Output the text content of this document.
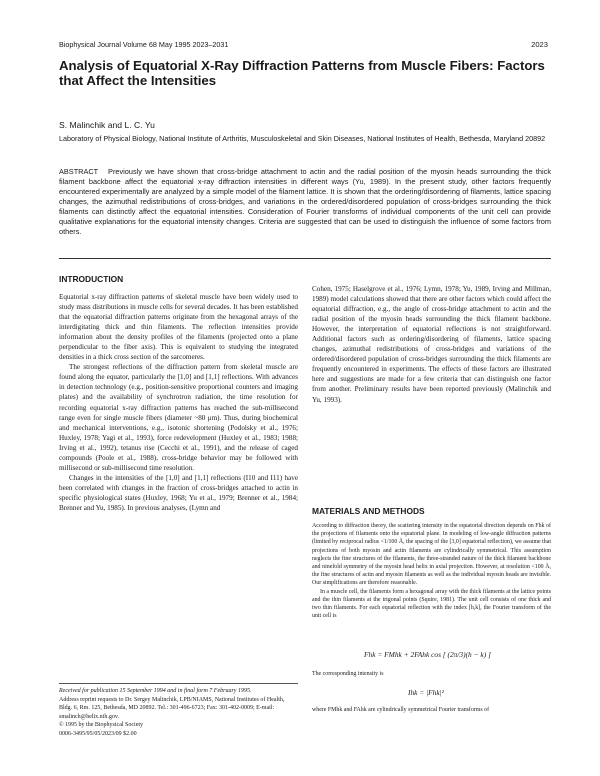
Biophysical Journal Volume 68 May 1995 2023–2031	2023
Analysis of Equatorial X-Ray Diffraction Patterns from Muscle Fibers: Factors that Affect the Intensities
S. Malinchik and L. C. Yu
Laboratory of Physical Biology, National Institute of Arthritis, Musculoskeletal and Skin Diseases, National Institutes of Health, Bethesda, Maryland 20892
ABSTRACT Previously we have shown that cross-bridge attachment to actin and the radial position of the myosin heads surrounding the thick filament backbone affect the equatorial x-ray diffraction intensities in different ways (Yu, 1989). In the present study, other factors frequently encountered experimentally are analyzed by a simple model of the filament lattice. It is shown that the ordering/disordering of filaments, lattice spacing changes, the azimuthal redistributions of cross-bridges, and variations in the ordered/disordered population of cross-bridges surrounding the thick filaments can distinctly affect the equatorial intensities. Consideration of Fourier transforms of individual components of the unit cell can provide qualitative explanations for the equatorial intensity changes. Criteria are suggested that can be used to distinguish the influence of some factors from others.
INTRODUCTION

Equatorial x-ray diffraction patterns of skeletal muscle have been widely used to study mass distributions in muscle cells for several decades. It has been established that the equatorial diffraction patterns originate from the hexagonal arrays of the interdigitating thick and thin filaments. The reflection intensities provide information about the density profiles of the filaments (projected onto a plane perpendicular to the fiber axis). This is equivalent to studying the integrated densities in a thick cross section of the sarcomeres.

The strongest reflections of the diffraction pattern from skeletal muscle are found along the equator, particularly the [1,0] and [1,1] reflections. With advances in detection technology (e.g., position-sensitive proportional counters and imaging plates) and the availability of synchrotron radiation, the time resolution for recording equatorial x-ray diffraction patterns has reached the sub-millisecond range even for single muscle fibers (diameter ~80 μm). Thus, during biochemical and mechanical interventions, e.g., isotonic shortening (Podolsky et al., 1976; Huxley, 1978; Yagi et al., 1993), force redevelopment (Huxley et al., 1983; 1988; Irving et al., 1992), tetanus rise (Cecchi et al., 1991), and the release of caged compounds (Poole et al., 1988), cross-bridge behavior may be followed with millisecond or sub-millisecond time resolution.

Changes in the intensities of the [1,0] and [1,1] reflections (I10 and I11) have been correlated with changes in the fraction of cross-bridges attached to actin in specific physiological states (Huxley, 1968; Yu et al., 1979; Brenner et al., 1984; Brenner and Yu, 1985). In previous analyses, (Lymn and

Received for publication 15 September 1994 and in final form 7 February 1995.
Address reprint requests to Dr. Sergey Malinchik, LPB/NIAMS, National Institutes of Health, Bldg. 6, Rm. 125, Bethesda, MD 20892. Tel.: 301-496-6723; Fax: 301-402-0009; E-mail: smalinch@helix.nih.gov.
© 1995 by the Biophysical Society
0006-3495/95/05/2023/09 $2.00

Cohen, 1975; Haselgrove et al., 1976; Lymn, 1978; Yu, 1989, Irving and Millman, 1989) model calculations showed that there are other factors which could affect the equatorial diffraction, e.g., the angle of cross-bridge attachment to actin and the radial position of the myosin heads surrounding the thick filament backbone. However, the interpretation of equatorial reflections is not straightforward. Additional factors such as ordering/disordering of filaments, lattice spacing changes, azimuthal redistributions of cross-bridges and variations of the ordered/disordered population of cross-bridges surrounding the thick filaments are frequently encountered in experiments. The effects of these factors are illustrated here and suggestions are made for a few criteria that can distinguish one factor from another. Preliminary results have been reported previously (Malinchik and Yu, 1993).

MATERIALS AND METHODS

According to diffraction theory, the scattering intensity in the equatorial direction depends on Fhk of the projections of filaments onto the equatorial plane. In modeling of low-angle diffraction patterns (limited by reciprocal radius <1/100 Å, the spacing of the [3,0] equatorial reflection), we assume that projections of both myosin and actin filaments are cylindrically symmetrical. This assumption neglects the fine structures of the filaments, the three-stranded nature of the thick filament backbone and ninefold symmetry of the myosin head helix in axial projection. However, at resolution <100 Å, the fine structures of actin and myosin filaments as well as the individual myosin heads are invisible. Our simplifications are therefore reasonable.

In a muscle cell, the filaments form a hexagonal array with the thick filaments at the lattice points and the thin filaments at the trigonal points (Squire, 1981). The unit cell consists of one thick and two thin filaments. For each equatorial reflection with the index [h,k], the Fourier transform of the unit cell is

Fhk = FMhk + 2FAhk cos [ (2π/3)(h − k) ]
The corresponding intensity is
Ihk = |Fhk|²
where FMhk and FAhk are cylindrically symmetrical Fourier transforms of
